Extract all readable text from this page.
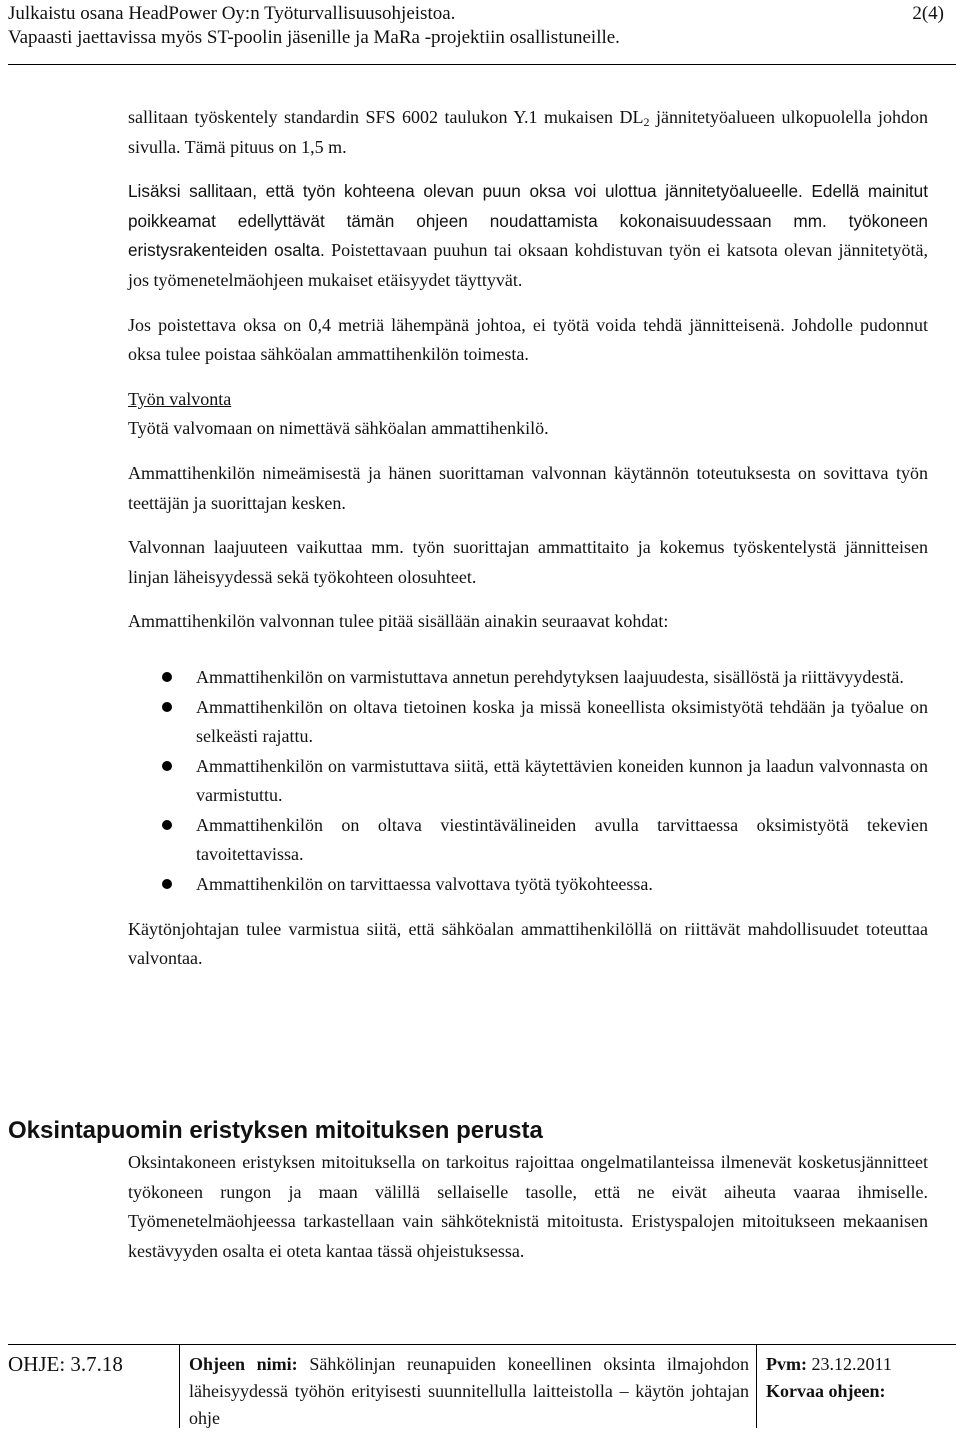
Julkaistu osana HeadPower Oy:n Työturvallisuusohjeistoa.
Vapaasti jaettavissa myös ST-poolin jäsenille ja MaRa -projektiin osallistuneille.
2(4)

sallitaan työskentely standardin SFS 6002 taulukon Y.1 mukaisen $DL_2$ jännitetyöalueen ulkopuolella johdon sivulla. Tämä pituus on 1,5 m.

Lisäksi sallitaan, että työn kohteena olevan puun oksa voi ulottua jännitetyöalueelle. Edellä mainitut poikkeamat edellyttävät tämän ohjeen noudattamista kokonaisuudessaan mm. työkoneen eristysrakenteiden osalta. Poistettavaan puuhun tai oksaan kohdistuvan työn ei katsota olevan jännitetyötä, jos työmenetelmäohjeen mukaiset etäisyydet täyttyvät.

Jos poistettava oksa on 0,4 metriä lähempänä johtoa, ei työtä voida tehdä jännitteisenä. Johdolle pudonnut oksa tulee poistaa sähköalan ammattihenkilön toimesta.

Työn valvonta

Työtä valvomaan on nimettävä sähköalan ammattihenkilö.

Ammattihenkilön nimeämisestä ja hänen suorittaman valvonnan käytännön toteutuksesta on sovittava työn teettäjän ja suorittajan kesken.

Valvonnan laajuuteen vaikuttaa mm. työn suorittajan ammattitaito ja kokemus työskentelystä jännitteisen linjan läheisyydessä sekä työkohteen olosuhteet.

Ammattihenkilön valvonnan tulee pitää sisällään ainakin seuraavat kohdat:

Ammattihenkilön on varmistuttava annetun perehdytyksen laajuudesta, sisällöstä ja riittävyydestä.
Ammattihenkilön on oltava tietoinen koska ja missä koneellista oksimistyötä tehdään ja työalue on selkeästi rajattu.
Ammattihenkilön on varmistuttava siitä, että käytettävien koneiden kunnon ja laadun valvonnasta on varmistuttu.
Ammattihenkilön on oltava viestintävälineiden avulla tarvittaessa oksimistyötä tekevien tavoitettavissa.
Ammattihenkilön on tarvittaessa valvottava työtä työkohteessa.

Käytönjohtajan tulee varmistua siitä, että sähköalan ammattihenkilöllä on riittävät mahdollisuudet toteuttaa valvontaa.

Oksintapuomin eristyksen mitoituksen perusta

Oksintakoneen eristyksen mitoituksella on tarkoitus rajoittaa ongelmatilanteissa ilmenevät kosketusjännitteet työkoneen rungon ja maan välillä sellaiselle tasolle, että ne eivät aiheuta vaaraa ihmiselle. Työmenetelmäohjeessa tarkastellaan vain sähköteknistä mitoitusta. Eristyspalojen mitoitukseen mekaanisen kestävyyden osalta ei oteta kantaa tässä ohjeistuksessa.

OHJE: 3.7.18	Ohjeen nimi: Sähkölinjan reunapuiden koneellinen oksinta ilmajohdon läheisyydessä työhön erityisesti suunnitellulla laitteistolla – käytön johtajan ohje
Pvm: 23.12.2011
Korvaa ohjeen:
